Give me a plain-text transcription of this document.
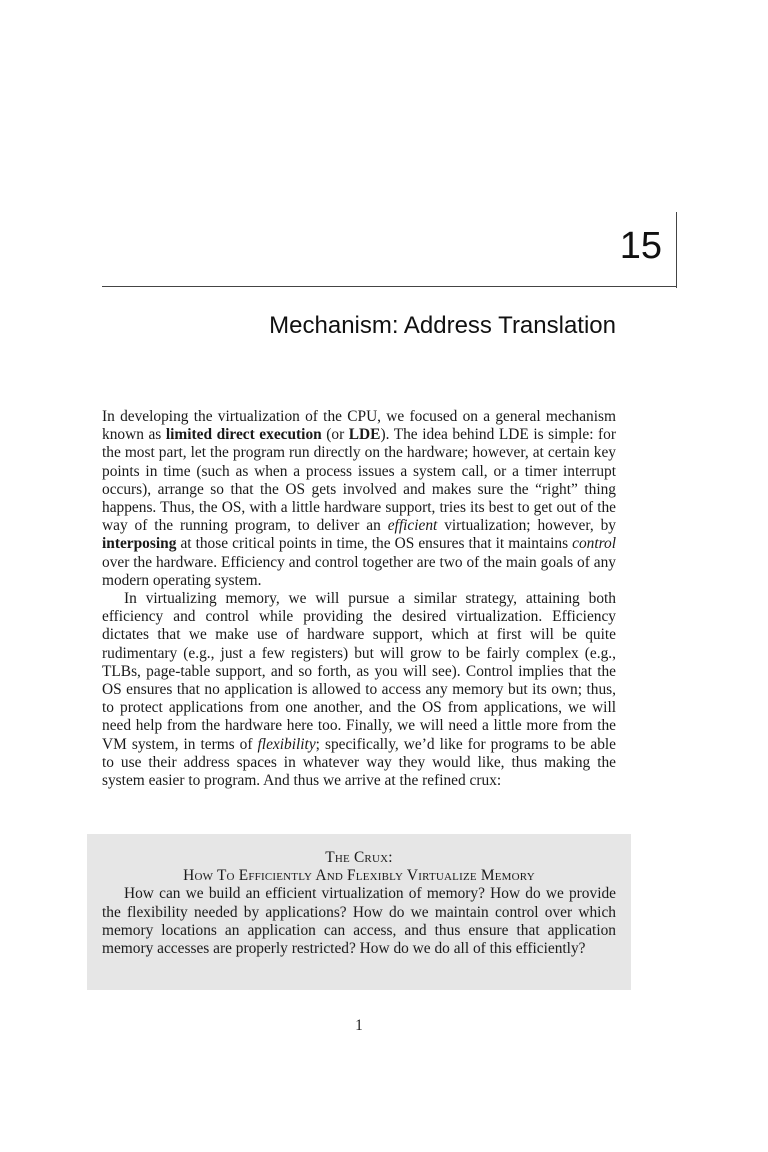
15
Mechanism: Address Translation

In developing the virtualization of the CPU, we focused on a general mechanism known as limited direct execution (or LDE). The idea behind LDE is simple: for the most part, let the program run directly on the hardware; however, at certain key points in time (such as when a process issues a system call, or a timer interrupt occurs), arrange so that the OS gets involved and makes sure the “right” thing happens. Thus, the OS, with a little hardware support, tries its best to get out of the way of the running program, to deliver an efficient virtualization; however, by interposing at those critical points in time, the OS ensures that it maintains control over the hardware. Efficiency and control together are two of the main goals of any modern operating system.

In virtualizing memory, we will pursue a similar strategy, attaining both efficiency and control while providing the desired virtualization. Efficiency dictates that we make use of hardware support, which at first will be quite rudimentary (e.g., just a few registers) but will grow to be fairly complex (e.g., TLBs, page-table support, and so forth, as you will see). Control implies that the OS ensures that no application is allowed to access any memory but its own; thus, to protect applications from one another, and the OS from applications, we will need help from the hardware here too. Finally, we will need a little more from the VM system, in terms of flexibility; specifically, we’d like for programs to be able to use their address spaces in whatever way they would like, thus making the system easier to program. And thus we arrive at the refined crux:

The Crux:
How To Efficiently And Flexibly Virtualize Memory

How can we build an efficient virtualization of memory? How do we provide the flexibility needed by applications? How do we maintain control over which memory locations an application can access, and thus ensure that application memory accesses are properly restricted? How do we do all of this efficiently?

1
